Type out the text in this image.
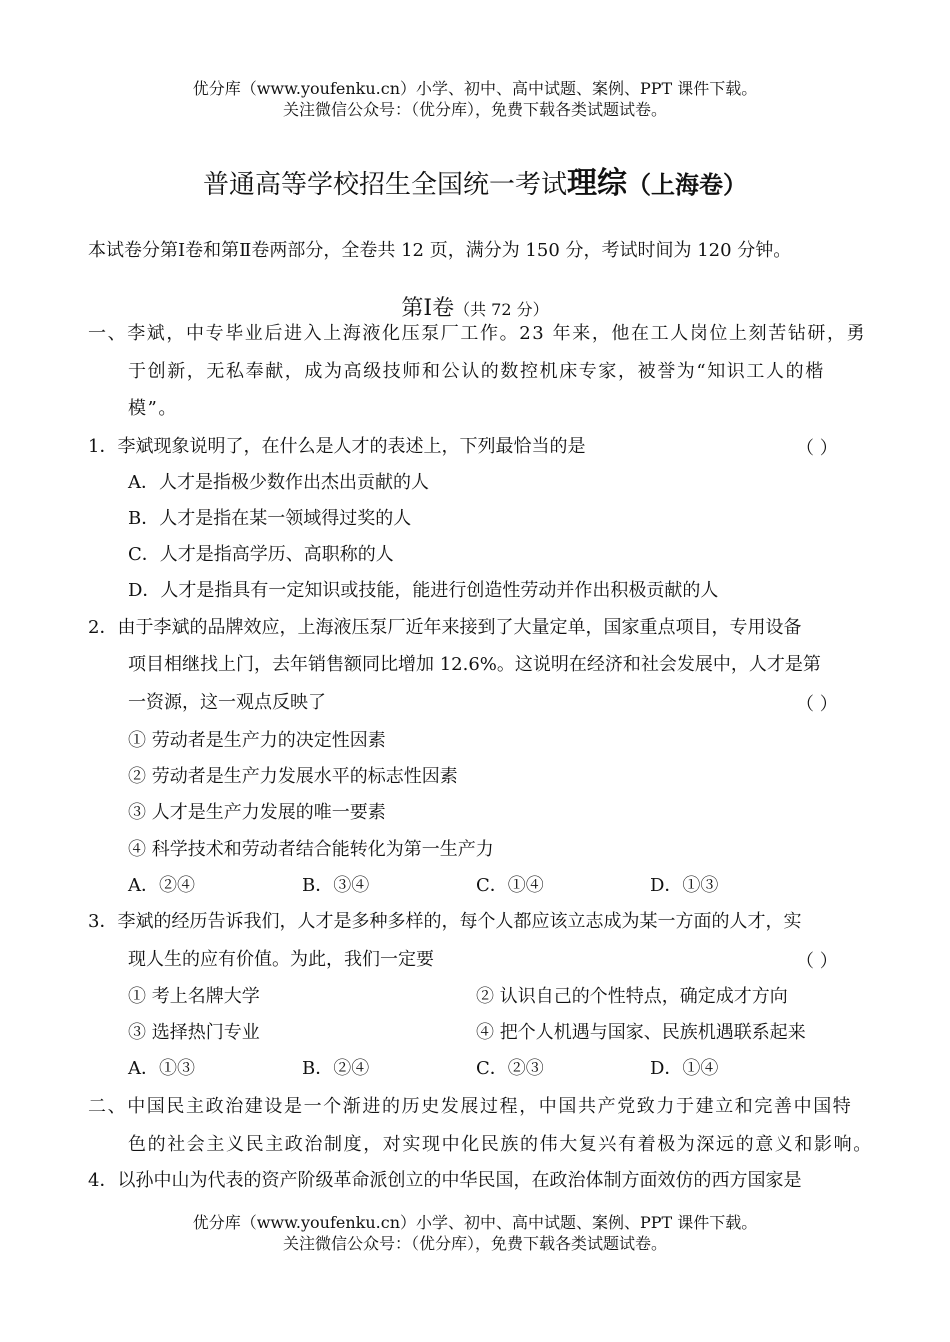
优分库（www.youfenku.cn）小学、初中、高中试题、案例、PPT 课件下载。
关注微信公众号：（优分库），免费下载各类试题试卷。
普通高等学校招生全国统一考试理综（上海卷）
本试卷分第Ⅰ卷和第Ⅱ卷两部分，全卷共 12 页，满分为 150 分，考试时间为 120 分钟。
第Ⅰ卷（共 72 分）
一、李斌，中专毕业后进入上海液化压泵厂工作。23 年来，他在工人岗位上刻苦钻研，勇
于创新，无私奉献，成为高级技师和公认的数控机床专家，被誉为“知识工人的楷
模”。
1．李斌现象说明了，在什么是人才的表述上，下列最恰当的是	（ ）
A．人才是指极少数作出杰出贡献的人
B．人才是指在某一领域得过奖的人
C．人才是指高学历、高职称的人
D．人才是指具有一定知识或技能，能进行创造性劳动并作出积极贡献的人
2．由于李斌的品牌效应，上海液压泵厂近年来接到了大量定单，国家重点项目，专用设备
项目相继找上门，去年销售额同比增加 12.6%。这说明在经济和社会发展中，人才是第
一资源，这一观点反映了	（ ）
① 劳动者是生产力的决定性因素
② 劳动者是生产力发展水平的标志性因素
③ 人才是生产力发展的唯一要素
④ 科学技术和劳动者结合能转化为第一生产力
A．②④	B．③④	C．①④	D．①③
3．李斌的经历告诉我们，人才是多种多样的，每个人都应该立志成为某一方面的人才，实
现人生的应有价值。为此，我们一定要	（ ）
① 考上名牌大学	② 认识自己的个性特点，确定成才方向
③ 选择热门专业	④ 把个人机遇与国家、民族机遇联系起来
A．①③	B．②④	C．②③	D．①④
二、中国民主政治建设是一个渐进的历史发展过程，中国共产党致力于建立和完善中国特
色的社会主义民主政治制度，对实现中化民族的伟大复兴有着极为深远的意义和影响。
4．以孙中山为代表的资产阶级革命派创立的中华民国，在政治体制方面效仿的西方国家是
优分库（www.youfenku.cn）小学、初中、高中试题、案例、PPT 课件下载。
关注微信公众号：（优分库），免费下载各类试题试卷。
